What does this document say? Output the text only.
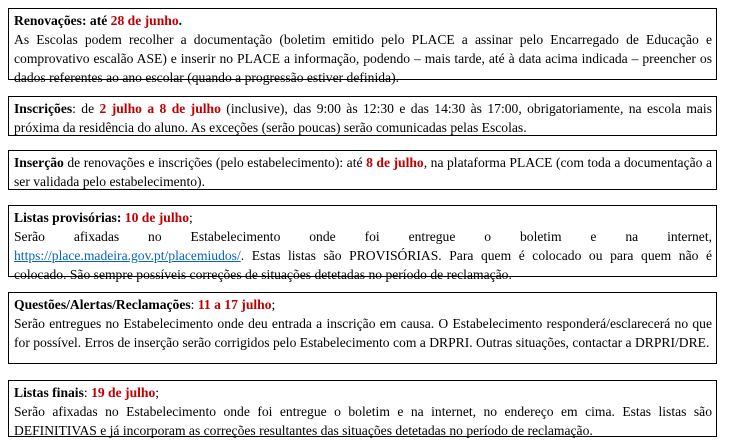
Renovações: até 28 de junho.

As Escolas podem recolher a documentação (boletim emitido pelo PLACE a assinar pelo Encarregado de Educação e comprovativo escalão ASE) e inserir no PLACE a informação, podendo – mais tarde, até à data acima indicada – preencher os dados referentes ao ano escolar (quando a progressão estiver definida).

Inscrições: de 2 julho a 8 de julho (inclusive), das 9:00 às 12:30 e das 14:30 às 17:00, obrigatoriamente, na escola mais próxima da residência do aluno. As exceções (serão poucas) serão comunicadas pelas Escolas.

Inserção de renovações e inscrições (pelo estabelecimento): até 8 de julho, na plataforma PLACE (com toda a documentação a ser validada pelo estabelecimento).

Listas provisórias: 10 de julho;

Serão afixadas no Estabelecimento onde foi entregue o boletim e na internet,

https://place.madeira.gov.pt/placemiudos/. Estas listas são PROVISÓRIAS. Para quem é colocado ou para quem não é colocado. São sempre possíveis correções de situações detetadas no período de reclamação.

Questões/Alertas/Reclamações: 11 a 17 julho;

Serão entregues no Estabelecimento onde deu entrada a inscrição em causa. O Estabelecimento responderá/esclarecerá no que for possível. Erros de inserção serão corrigidos pelo Estabelecimento com a DRPRI. Outras situações, contactar a DRPRI/DRE.

Listas finais: 19 de julho;

Serão afixadas no Estabelecimento onde foi entregue o boletim e na internet, no endereço em cima. Estas listas são DEFINITIVAS e já incorporam as correções resultantes das situações detetadas no período de reclamação.
